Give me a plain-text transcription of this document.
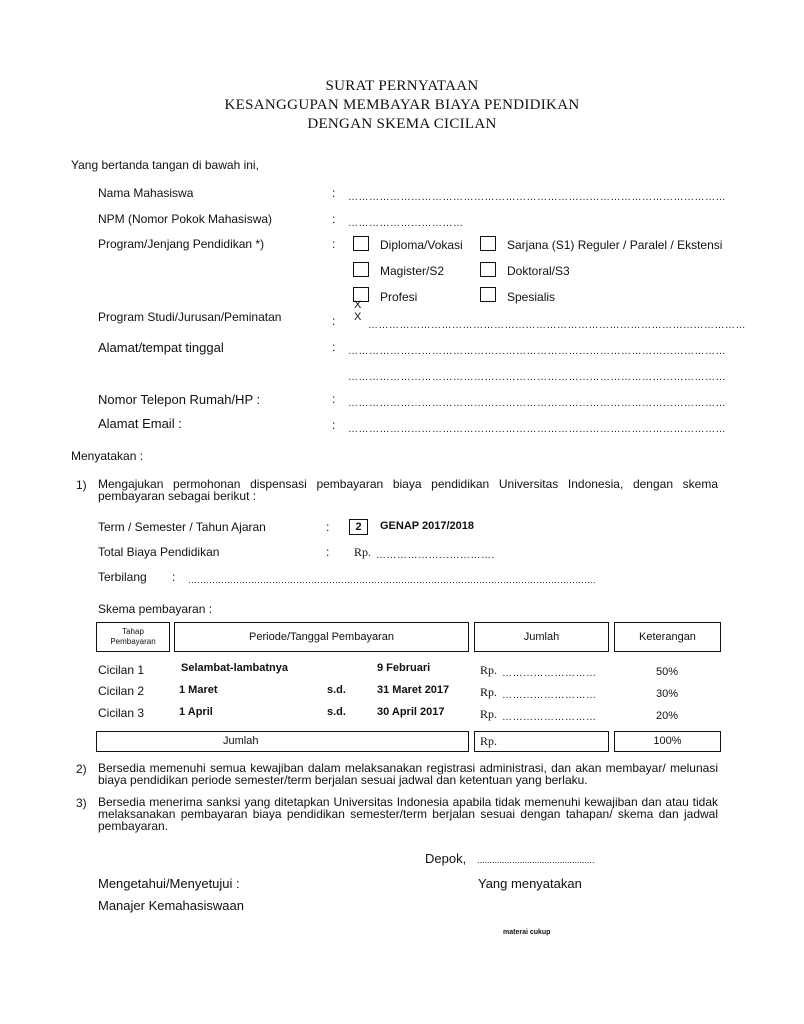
SURAT PERNYATAAN
KESANGGUPAN MEMBAYAR BIAYA PENDIDIKAN
DENGAN SKEMA CICILAN
Yang bertanda tangan di bawah ini,
Nama Mahasiswa	: ………………………………………………………………………………………………
NPM (Nomor Pokok Mahasiswa)	: ……………………………
Program/Jenjang Pendidikan *)	:	Diploma/Vokasi	Sarjana (S1) Reguler / Paralel / Ekstensi
Magister/S2	Doktoral/S3
Profesi	Spesialis
X
X
Program Studi/Jurusan/Peminatan	:	………………………………………………………………………………………………
Alamat/tempat tinggal	: ………………………………………………………………………………………………
………………………………………………………………………………………………
Nomor Telepon Rumah/HP :	: ………………………………………………………………………………………………
Alamat Email :	: ………………………………………………………………………………………………
Menyatakan :
1) Mengajukan permohonan dispensasi pembayaran biaya pendidikan Universitas Indonesia, dengan skema pembayaran sebagai berikut :
Term / Semester / Tahun Ajaran	:	2	GENAP 2017/2018
Total Biaya Pendidikan	: Rp. …………………………….
Terbilang : ……………………………………………………………………………………………………………………….
Skema pembayaran :
Tahap Pembayaran	Periode/Tanggal Pembayaran	Jumlah	Keterangan
Cicilan 1	Selambat-lambatnya	9 Februari	Rp. ………………………	50%
Cicilan 2	1 Maret	s.d.	31 Maret 2017	Rp. ………………………	30%
Cicilan 3	1 April	s.d.	30 April 2017	Rp. ………………………	20%
Jumlah	Rp.	100%
2) Bersedia memenuhi semua kewajiban dalam melaksanakan registrasi administrasi, dan akan membayar/ melunasi biaya pendidikan periode semester/term berjalan sesuai jadwal dan ketentuan yang berlaku.
3) Bersedia menerima sanksi yang ditetapkan Universitas Indonesia apabila tidak memenuhi kewajiban dan atau tidak melaksanakan pembayaran biaya pendidikan semester/term berjalan sesuai dengan tahapan/ skema dan jadwal pembayaran.
Depok, ...............................................
Mengetahui/Menyetujui :	Yang menyatakan
Manajer Kemahasiswaan
materai cukup
